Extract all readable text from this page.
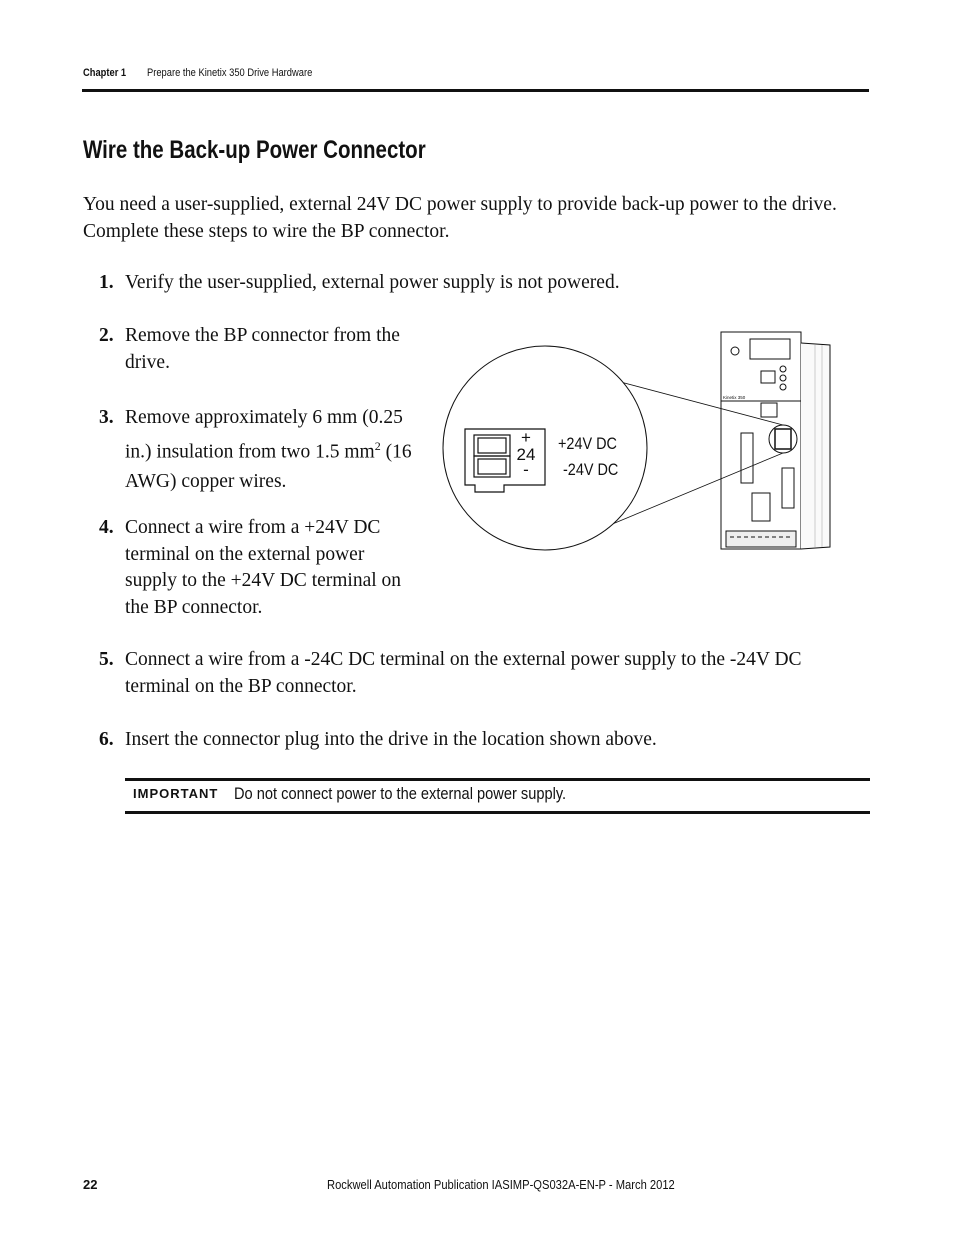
Chapter 1 Prepare the Kinetix 350 Drive Hardware
Wire the Back-up Power Connector
You need a user-supplied, external 24V DC power supply to provide back-up power to the drive. Complete these steps to wire the BP connector.
1. Verify the user-supplied, external power supply is not powered.
2. Remove the BP connector from the drive.
3. Remove approximately 6 mm (0.25 in.) insulation from two 1.5 $mm^2$ (16 AWG) copper wires.
4. Connect a wire from a +24V DC terminal on the external power supply to the +24V DC terminal on the BP connector.
5. Connect a wire from a -24C DC terminal on the external power supply to the -24V DC terminal on the BP connector.
6. Insert the connector plug into the drive in the location shown above.
Kinetix 350
+
24
-
+24V DC
-24V DC
IMPORTANT Do not connect power to the external power supply.
22	Rockwell Automation Publication IASIMP-QS032A-EN-P - March 2012
